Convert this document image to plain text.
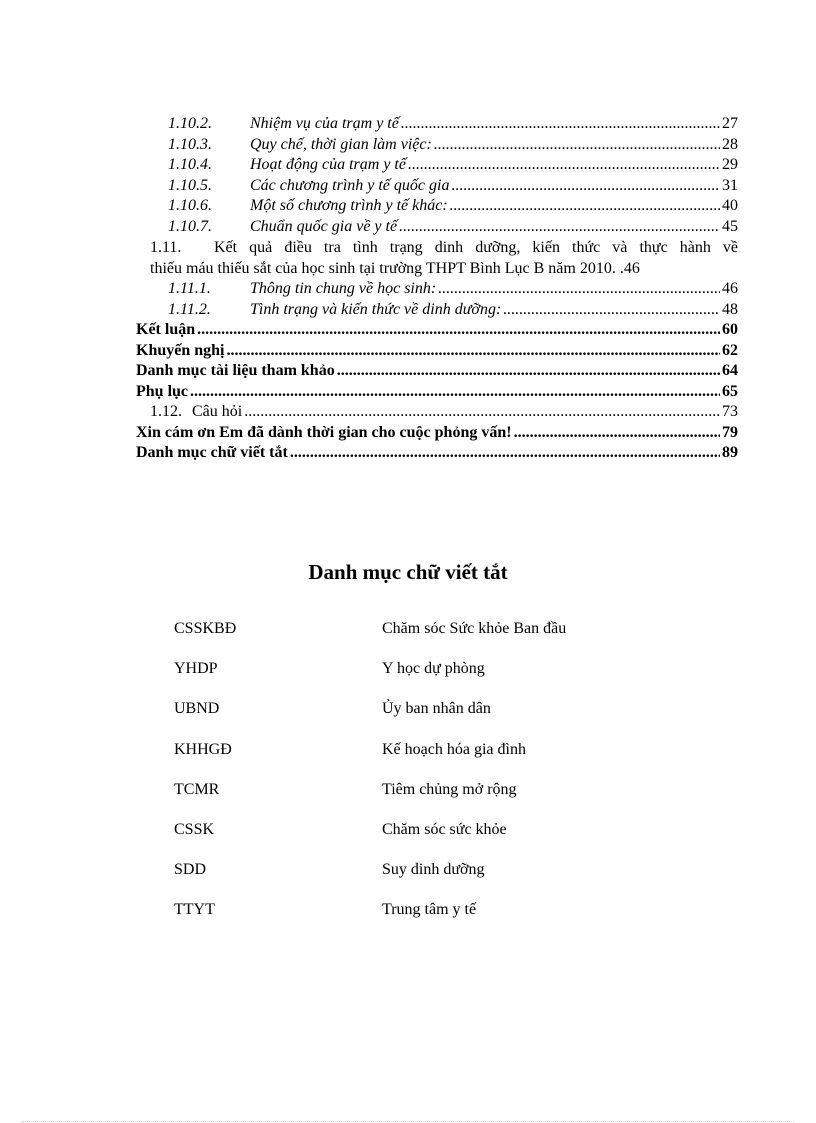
1.10.2.	Nhiệm vụ của trạm y tế .....	27
1.10.3.	Quy chế, thời gian làm việc: .....	28
1.10.4.	Hoạt động của trạm y tế .....	29
1.10.5.	Các chương trình y tế quốc gia .....	31
1.10.6.	Một số chương trình y tế khác: .....	40
1.10.7.	Chuẩn quốc gia về y tế .....	45
1.11.	Kết quả điều tra tình trạng dinh dưỡng, kiến thức và thực hành về
thiếu máu thiếu sắt của học sinh tại trường THPT Bình Lục B năm 2010. .46
1.11.1.	Thông tin chung về học sinh: .....	46
1.11.2.	Tình trạng và kiến thức về dinh dưỡng: .....	48
Kết luận .....	60
Khuyến nghị .....	62
Danh mục tài liệu tham khảo .....	64
Phụ lục .....	65
1.12. Câu hỏi .....	73
Xin cám ơn Em đã dành thời gian cho cuộc phỏng vấn! .....	79
Danh mục chữ viết tắt .....	89
Danh mục chữ viết tắt
CSSKBĐ	Chăm sóc Sức khỏe Ban đầu
YHDP	Y học dự phòng
UBND	Ủy ban nhân dân
KHHGĐ	Kế hoạch hóa gia đình
TCMR	Tiêm chủng mở rộng
CSSK	Chăm sóc sức khỏe
SDD	Suy dinh dưỡng
TTYT	Trung tâm y tế
